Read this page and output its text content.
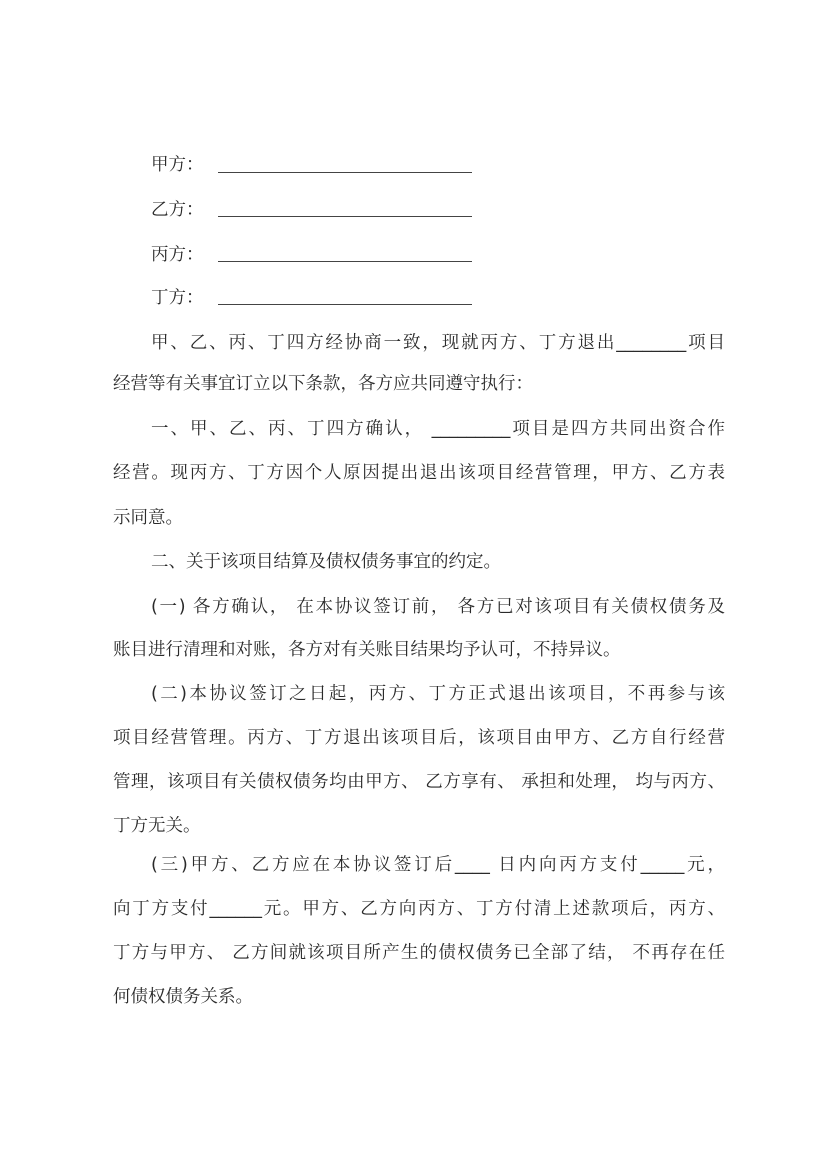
甲方：
乙方：
丙方：
丁方：
甲、乙、丙、丁四方经协商一致，现就丙方、丁方退出________项目
经营等有关事宜订立以下条款，各方应共同遵守执行：
一、甲、乙、丙、丁四方确认， _________项目是四方共同出资合作
经营。现丙方、丁方因个人原因提出退出该项目经营管理，甲方、乙方表
示同意。
二、关于该项目结算及债权债务事宜的约定。
(一) 各方确认， 在本协议签订前， 各方已对该项目有关债权债务及
账目进行清理和对账，各方对有关账目结果均予认可，不持异议。
(二)本协议签订之日起，丙方、丁方正式退出该项目，不再参与该
项目经营管理。丙方、丁方退出该项目后，该项目由甲方、乙方自行经营
管理，该项目有关债权债务均由甲方、 乙方享有、 承担和处理， 均与丙方、
丁方无关。
(三)甲方、乙方应在本协议签订后____ 日内向丙方支付_____元，
向丁方支付______元。甲方、乙方向丙方、丁方付清上述款项后，丙方、
丁方与甲方、 乙方间就该项目所产生的债权债务已全部了结， 不再存在任
何债权债务关系。
